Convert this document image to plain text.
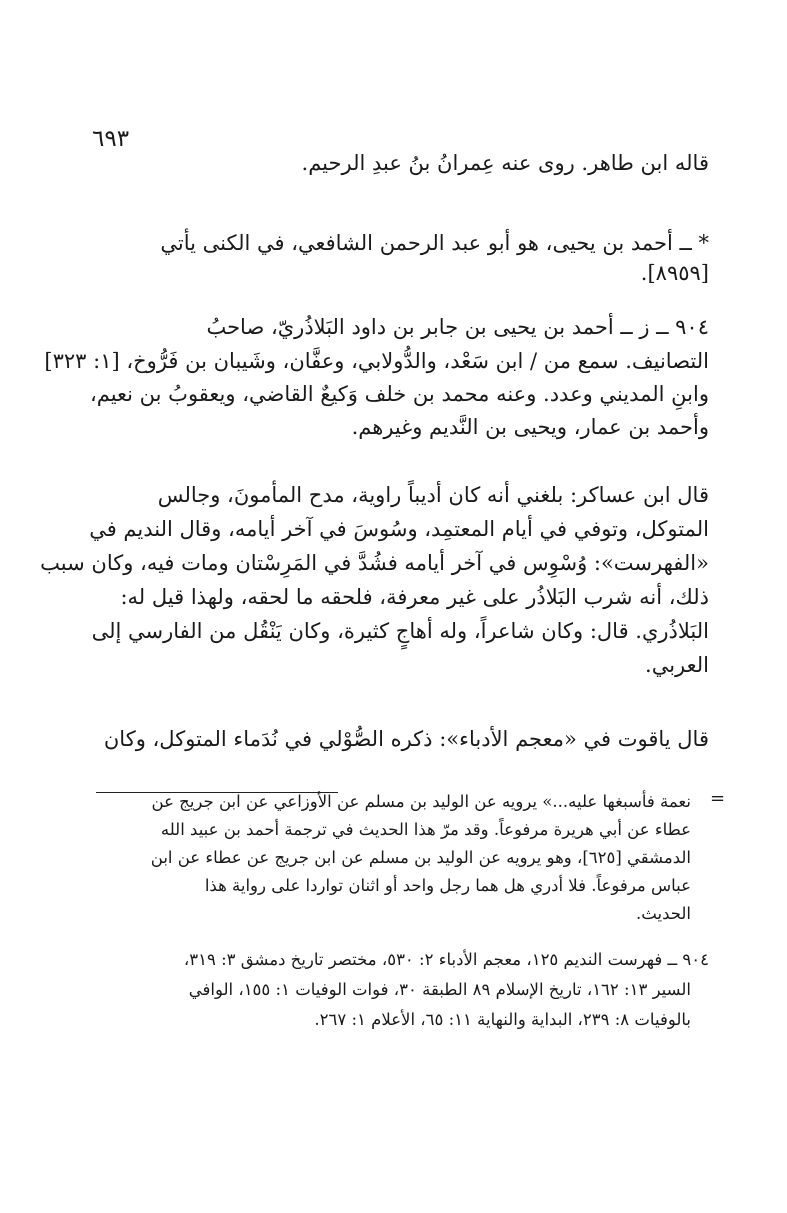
٦٩٣
قاله ابن طاهر. روى عنه عِمرانُ بنُ عبدِ الرحيم.
* ــ أحمد بن يحيى، هو أبو عبد الرحمن الشافعي، في الكنى يأتي
[٨٩٥٩].
٩٠٤ ــ ز ــ أحمد بن يحيى بن جابر بن داود البَلاذُريّ، صاحبُ
التصانيف. سمع من / ابن سَعْد، والدُّولابي، وعفَّان، وشَيبان بن فَرُّوخ، [١: ٣٢٣]
وابنِ المديني وعدد. وعنه محمد بن خلف وَكيعٌ القاضي، ويعقوبُ بن نعيم،
وأحمد بن عمار، ويحيى بن النَّديم وغيرهم.
قال ابن عساكر: بلغني أنه كان أديباً راوية، مدح المأمونَ، وجالس
المتوكل، وتوفي في أيام المعتمِد، وسُوسَ في آخر أيامه، وقال النديم في
«الفهرست»: وُسْوِس في آخر أيامه فشُدَّ في المَرِسْتان ومات فيه، وكان سبب
ذلك، أنه شرب البَلاذُر على غير معرفة، فلحقه ما لحقه، ولهذا قيل له:
البَلاذُري. قال: وكان شاعراً، وله أهاجٍ كثيرة، وكان يَنْقُل من الفارسي إلى
العربي.
قال ياقوت في «معجم الأدباء»: ذكره الصُّوْلي في نُدَماء المتوكل، وكان
=
نعمة فأسبغها عليه...» يرويه عن الوليد بن مسلم عن الأوزاعي عن ابن جريج عن
عطاء عن أبي هريرة مرفوعاً. وقد مرّ هذا الحديث في ترجمة أحمد بن عبيد الله
الدمشقي [٦٢٥]، وهو يرويه عن الوليد بن مسلم عن ابن جريج عن عطاء عن ابن
عباس مرفوعاً. فلا أدري هل هما رجل واحد أو اثنان تواردا على رواية هذا
الحديث.
٩٠٤ ــ فهرست النديم ١٢٥، معجم الأدباء ٢: ٥٣٠، مختصر تاريخ دمشق ٣: ٣١٩،
السير ١٣: ١٦٢، تاريخ الإسلام ٨٩ الطبقة ٣٠، فوات الوفيات ١: ١٥٥، الوافي
بالوفيات ٨: ٢٣٩، البداية والنهاية ١١: ٦٥، الأعلام ١: ٢٦٧.
